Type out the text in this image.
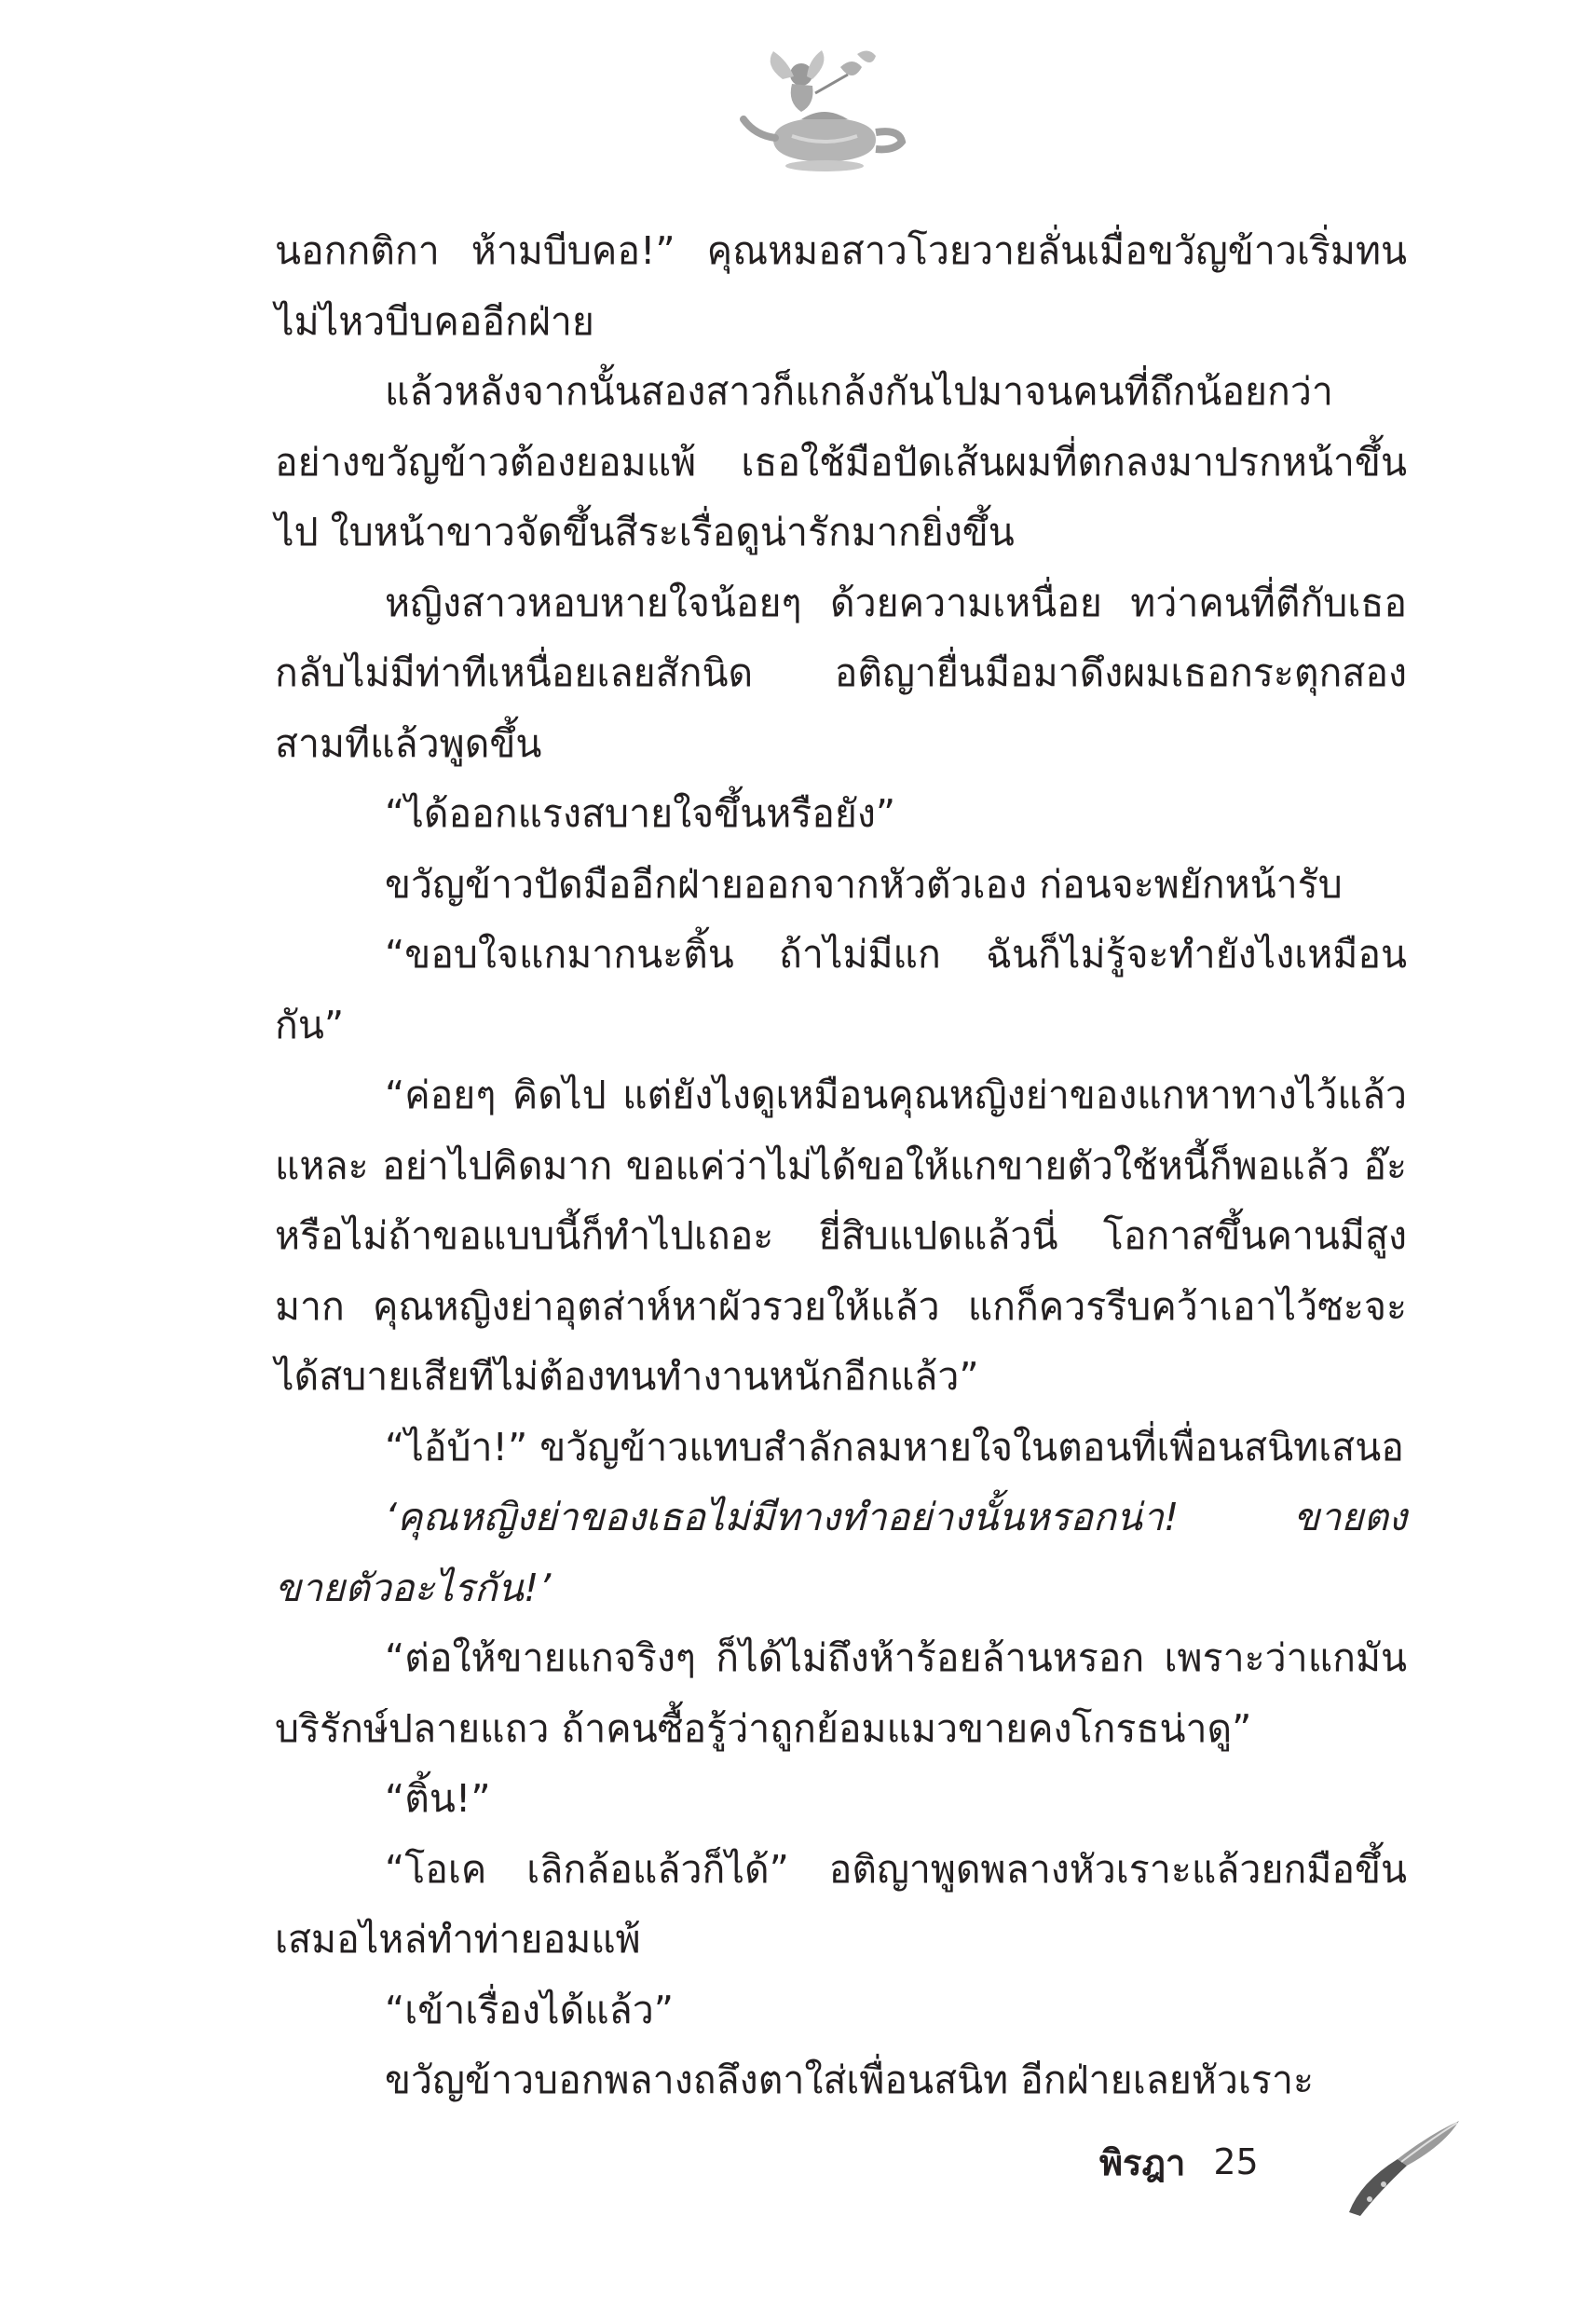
นอกกติกา ห้ามบีบคอ!” คุณหมอสาวโวยวายลั่นเมื่อขวัญข้าวเริ่มทนไม่ไหวบีบคออีกฝ่าย

แล้วหลังจากนั้นสองสาวก็แกล้งกันไปมาจนคนที่ถึกน้อยกว่าอย่างขวัญข้าวต้องยอมแพ้ เธอใช้มือปัดเส้นผมที่ตกลงมาปรกหน้าขึ้นไป ใบหน้าขาวจัดขึ้นสีระเรื่อดูน่ารักมากยิ่งขึ้น

หญิงสาวหอบหายใจน้อยๆ ด้วยความเหนื่อย ทว่าคนที่ตีกับเธอกลับไม่มีท่าทีเหนื่อยเลยสักนิด อติญายื่นมือมาดึงผมเธอกระตุกสองสามทีแล้วพูดขึ้น

“ได้ออกแรงสบายใจขึ้นหรือยัง”

ขวัญข้าวปัดมืออีกฝ่ายออกจากหัวตัวเอง ก่อนจะพยักหน้ารับ

“ขอบใจแกมากนะติ้น ถ้าไม่มีแก ฉันก็ไม่รู้จะทำยังไงเหมือนกัน”

“ค่อยๆ คิดไป แต่ยังไงดูเหมือนคุณหญิงย่าของแกหาทางไว้แล้วแหละ อย่าไปคิดมาก ขอแค่ว่าไม่ได้ขอให้แกขายตัวใช้หนี้ก็พอแล้ว อ๊ะ หรือไม่ถ้าขอแบบนี้ก็ทำไปเถอะ ยี่สิบแปดแล้วนี่ โอกาสขึ้นคานมีสูงมาก คุณหญิงย่าอุตส่าห์หาผัวรวยให้แล้ว แกก็ควรรีบคว้าเอาไว้ซะจะได้สบายเสียทีไม่ต้องทนทำงานหนักอีกแล้ว”

“ไอ้บ้า!” ขวัญข้าวแทบสำลักลมหายใจในตอนที่เพื่อนสนิทเสนอ

‘คุณหญิงย่าของเธอไม่มีทางทำอย่างนั้นหรอกน่า! ขายตงขายตัวอะไรกัน!’

“ต่อให้ขายแกจริงๆ ก็ได้ไม่ถึงห้าร้อยล้านหรอก เพราะว่าแกมันบริรักษ์ปลายแถว ถ้าคนซื้อรู้ว่าถูกย้อมแมวขายคงโกรธน่าดู”

“ติ้น!”

“โอเค เลิกล้อแล้วก็ได้” อติญาพูดพลางหัวเราะแล้วยกมือขึ้นเสมอไหล่ทำท่ายอมแพ้

“เข้าเรื่องได้แล้ว”

ขวัญข้าวบอกพลางถลึงตาใส่เพื่อนสนิท อีกฝ่ายเลยหัวเราะ

พิรฎา 25
